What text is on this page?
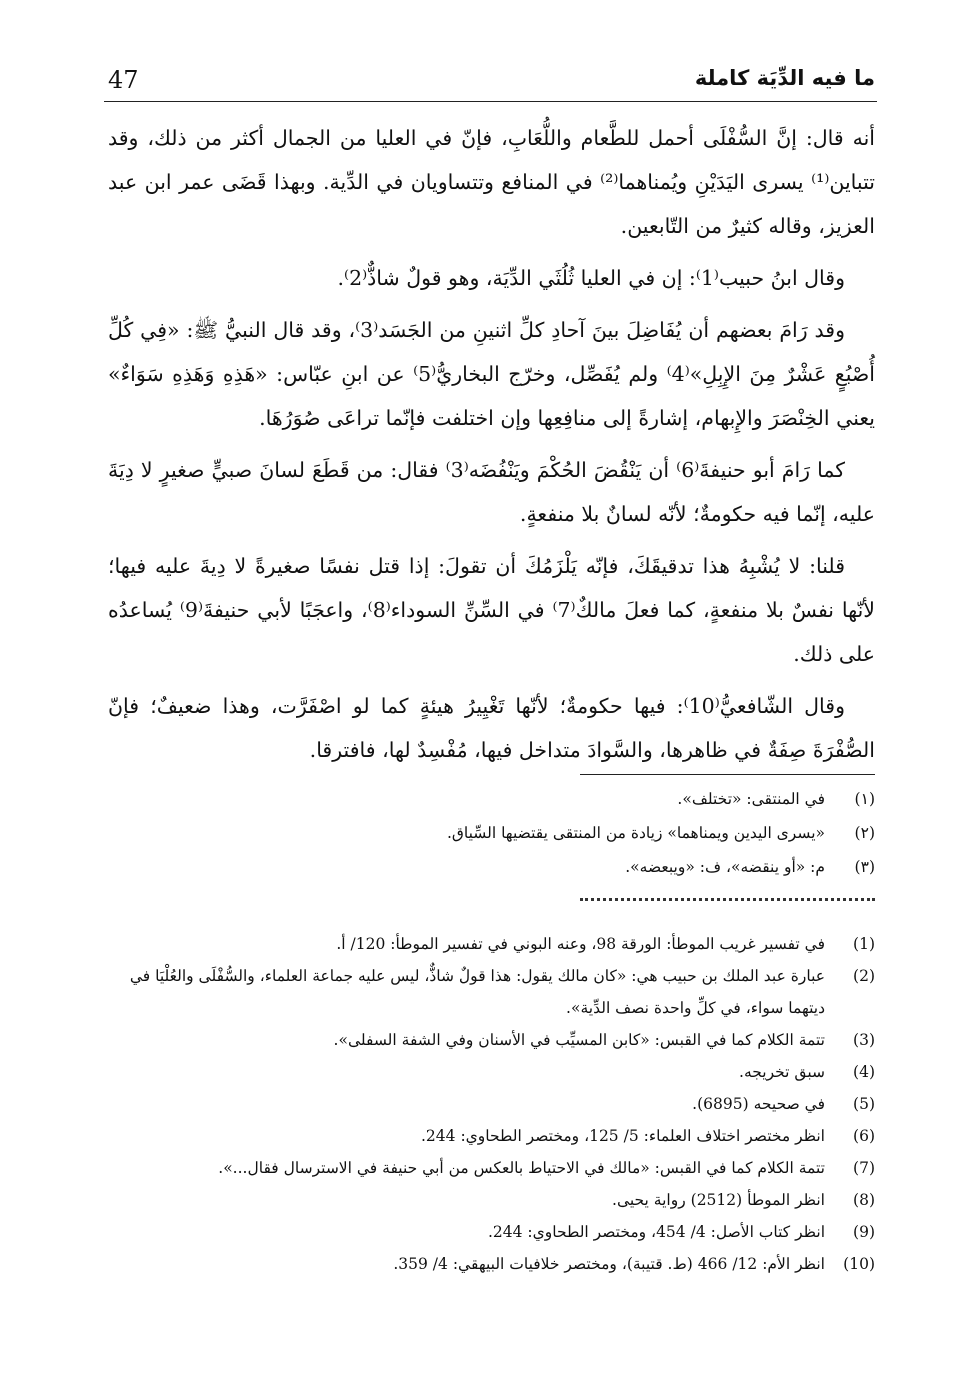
ما فيه الدِّيَة كاملة
47

أنه قال: إنَّ السُّفْلَى أحمل للطَّعام واللُّعَابِ، فإنّ في العليا من الجمال أكثر من ذلك، وقد تتباين⁽¹⁾ يسرى اليَدَيْنِ ويُمناهما⁽²⁾ في المنافع وتتساويان في الدِّية. وبهذا قَضَى عمر ابن عبد العزيز، وقاله كثيرٌ من التّابعين.

وقال ابنُ حبيب⁽1⁾: إن في العليا ثُلُثَي الدِّيَة، وهو قولٌ شاذٌّ⁽2⁾.

وقد رَامَ بعضهم أن يُفَاضِلَ بينَ آحادِ كلِّ اثنينِ من الجَسَد⁽3⁾، وقد قال النبيُّ ﷺ: «فِي كُلِّ أُصْبُعٍ عَشْرٌ مِنَ الإِبِلِ»⁽4⁾ ولم يُفَصِّل، وخرّج البخاريُّ⁽5⁾ عن ابنِ عبّاس: «هَذِهِ وَهَذِهِ سَوَاءٌ» يعني الخِنْصَرَ والإِبهام، إشارةً إلى منافِعِها وإن اختلفت فإنّما تراعَى صُوَرُهَا.

كما رَامَ أبو حنيفةَ⁽6⁾ أن يَنْقُضَ الحُكْمَ ويَنْفُضَه⁽3⁾ فقال: من قَطَعَ لسانَ صبيٍّ صغيرٍ لا دِيَةَ عليه، إنّما فيه حكومةٌ؛ لأنّه لسانٌ بلا منفعةٍ.

قلنا: لا يُشْبِهُ هذا تدقيقَكَ، فإنّه يَلْزَمُكَ أن تقولَ: إذا قتل نفسًا صغيرةً لا دِيةَ عليه فيها؛ لأنّها نفسٌ بلا منفعةٍ، كما فعلَ مالكٌ⁽7⁾ في السِّنِّ السوداء⁽8⁾، واعجَبًا لأبي حنيفةَ⁽9⁾ يُساعدُه على ذلك.

وقال الشّافعيُّ⁽10⁾: فيها حكومةٌ؛ لأنّها تَغْيِيرُ هيئةٍ كما لو اصْفَرَّت، وهذا ضعيفٌ؛ فإنّ الصُّفْرَةَ صِفَةٌ في ظاهرها، والسَّوادَ متداخل فيها، مُفْسِدٌ لها، فافترقا.

(١)
في المنتقى: «تختلف».
(٢)
«يسرى اليدين ويمناهما» زيادة من المنتقى يقتضيها السِّياق.
(٣)
م: «أو ينقضه»، ف: «ويبعضه».
(1)
في تفسير غريب الموطأ: الورقة 98، وعنه البوني في تفسير الموطأ: 120/ أ.
(2)
عبارة عبد الملك بن حبيب هي: «كان مالك يقول: هذا قولٌ شاذٌّ، ليس عليه جماعة العلماء، والسُّفْلَى والعُلْيَا في ديتهما سواء، في كلِّ واحدة نصف الدِّية».
(3)
تتمة الكلام كما في القبس: «كابن المسيِّب في الأسنان وفي الشفة السفلى».
(4)
سبق تخريجه.
(5)
في صحيحه (6895).
(6)
انظر مختصر اختلاف العلماء: 5/ 125، ومختصر الطحاوي: 244.
(7)
تتمة الكلام كما في القبس: «مالك في الاحتياط بالعكس من أبي حنيفة في الاسترسال فقال...».
(8)
انظر الموطأ (2512) رواية يحيى.
(9)
انظر كتاب الأصل: 4/ 454، ومختصر الطحاوي: 244.
(10)
انظر الأم: 12/ 466 (ط. قتيبة)، ومختصر خلافيات البيهقي: 4/ 359.
